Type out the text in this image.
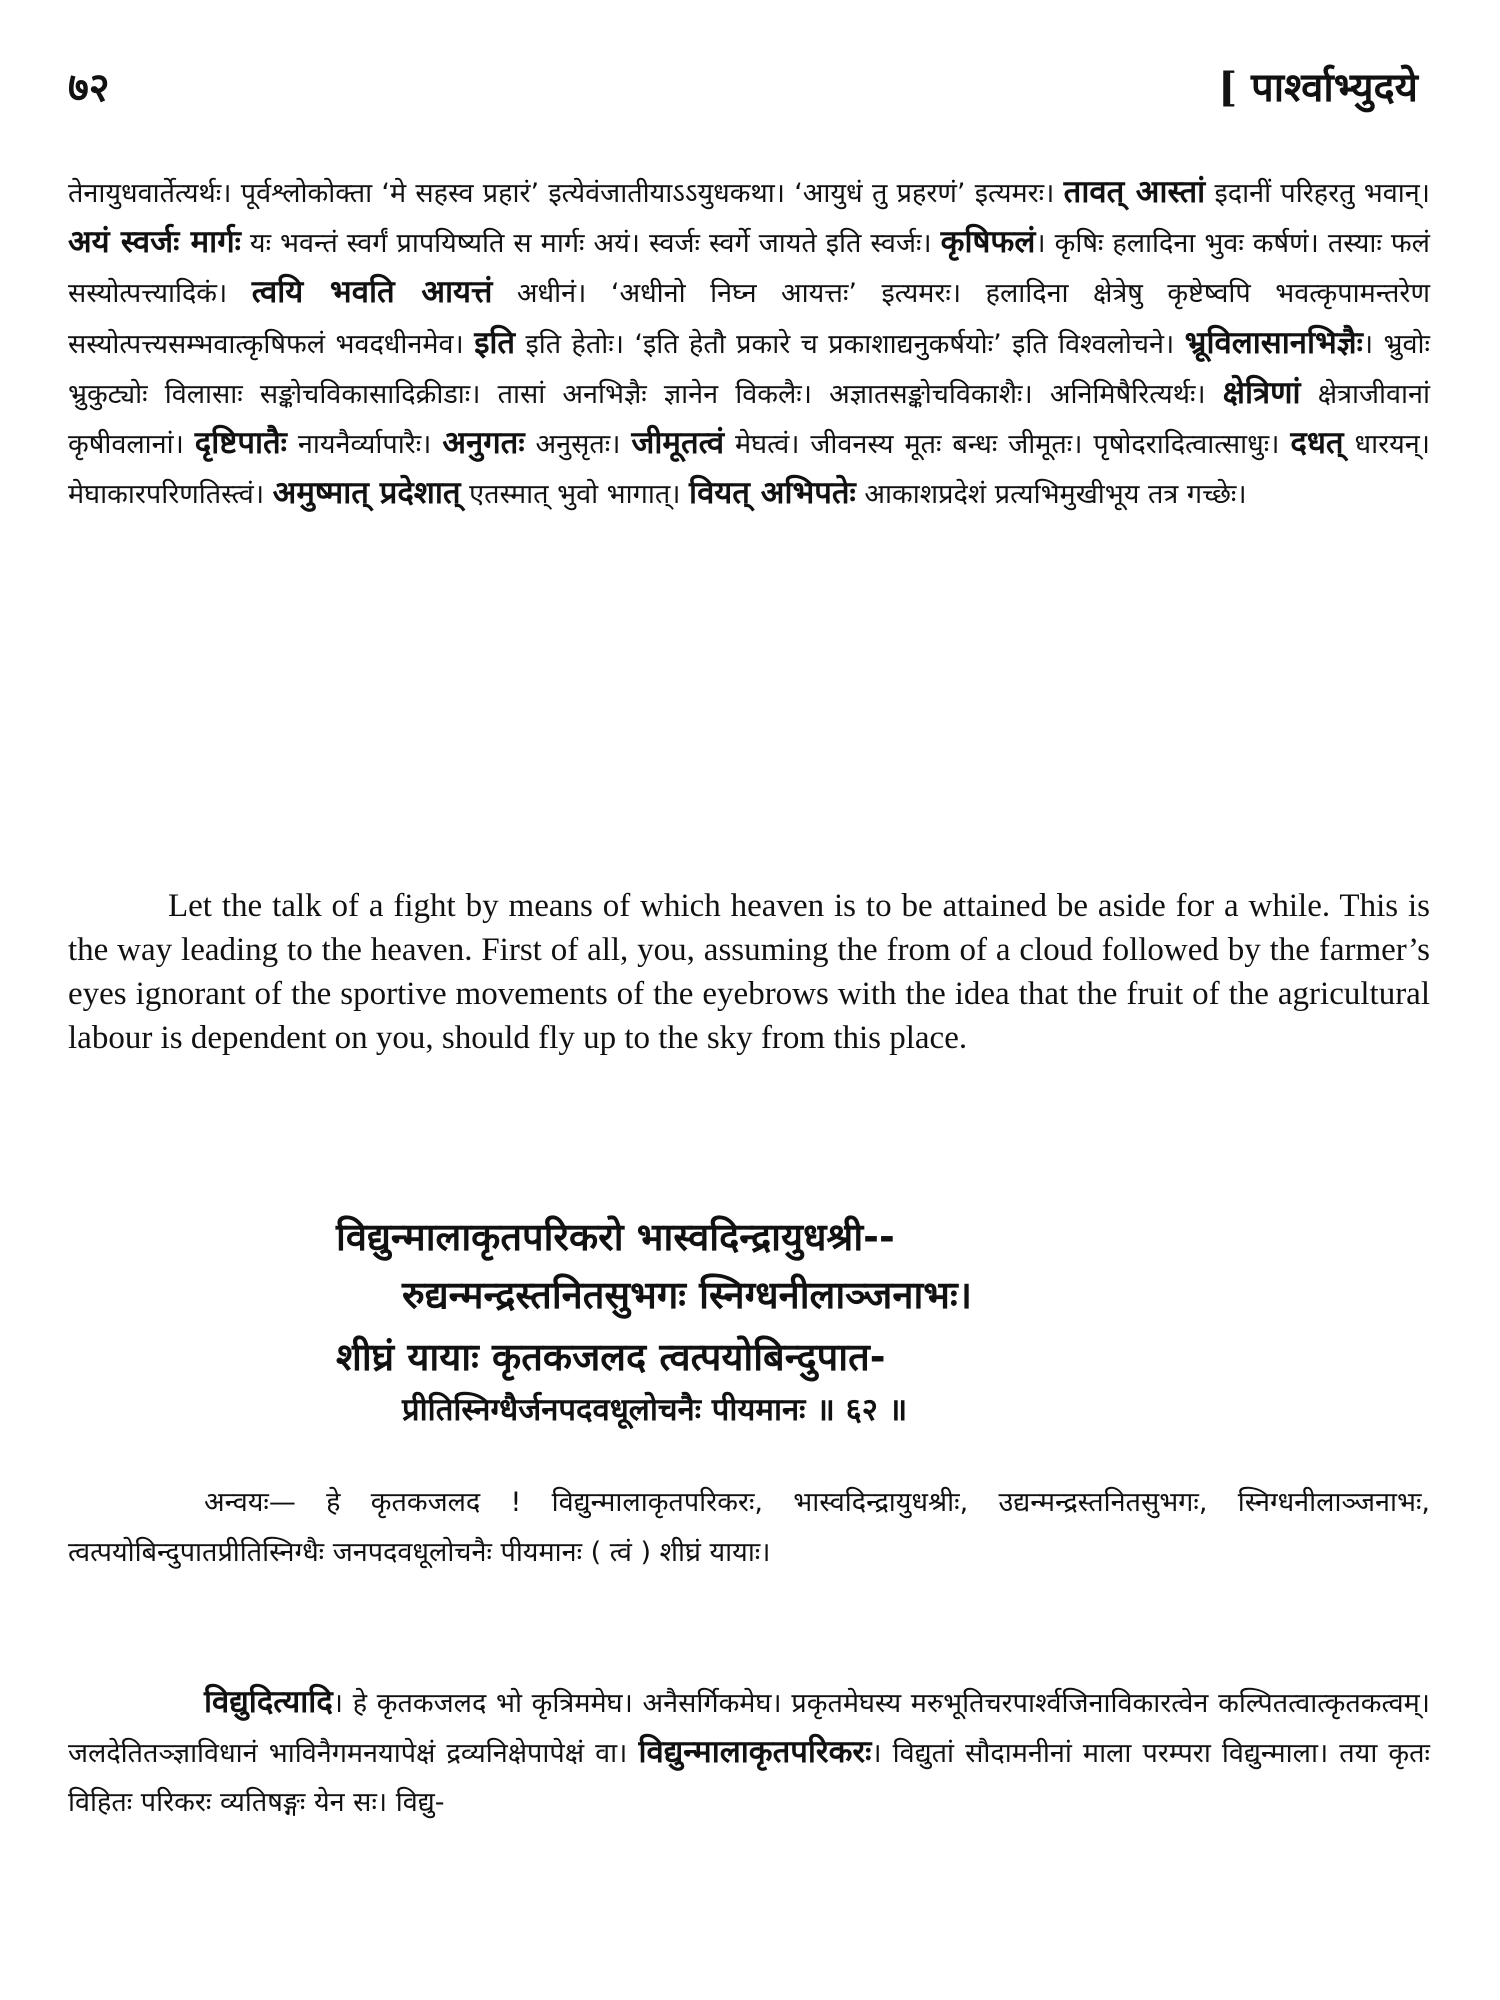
७२	[ पार्श्वाभ्युदये
तेनायुधवार्तेत्यर्थः। पूर्वश्लोकोक्ता ‘मे सहस्व प्रहारं’ इत्येवंजातीयाऽऽयुधकथा। ‘आयुधं तु प्रहरणं’ इत्यमरः। तावत् आस्तां इदानीं परिहरतु भवान्। अयं स्वर्जः मार्गः यः भवन्तं स्वर्गं प्रापयिष्यति स मार्गः अयं। स्वर्जः स्वर्गे जायते इति स्वर्जः। कृषिफलं। कृषिः हलादिना भुवः कर्षणं। तस्याः फलं सस्योत्पत्त्यादिकं। त्वयि भवति आयत्तं अधीनं। ‘अधीनो निघ्न आयत्तः’ इत्यमरः। हलादिना क्षेत्रेषु कृष्टेष्वपि भवत्कृपामन्तरेण सस्योत्पत्त्यसम्भवात्कृषिफलं भवदधीनमेव। इति इति हेतोः। ‘इति हेतौ प्रकारे च प्रकाशाद्यनुकर्षयोः’ इति विश्वलोचने। भ्रूविलासानभिज्ञैः। भ्रुवोः भ्रुकुट्योः विलासाः सङ्कोचविकासादिक्रीडाः। तासां अनभिज्ञैः ज्ञानेन विकलैः। अज्ञातसङ्कोचविकाशैः। अनिमिषैरित्यर्थः। क्षेत्रिणां क्षेत्राजीवानां कृषीवलानां। दृष्टिपातैः नायनैर्व्यापारैः। अनुगतः अनुसृतः। जीमूतत्वं मेघत्वं। जीवनस्य मूतः बन्धः जीमूतः। पृषोदरादित्वात्साधुः। दधत् धारयन्। मेघाकारपरिणतिस्त्वं। अमुष्मात् प्रदेशात् एतस्मात् भुवो भागात्। वियत् अभिपतेः आकाशप्रदेशं प्रत्यभिमुखीभूय तत्र गच्छेः।
Let the talk of a fight by means of which heaven is to be attained be aside for a while. This is the way leading to the heaven. First of all, you, assuming the from of a cloud followed by the farmer’s eyes ignorant of the sportive movements of the eyebrows with the idea that the fruit of the agricultural labour is dependent on you, should fly up to the sky from this place.
विद्युन्मालाकृतपरिकरो भास्वदिन्द्रायुधश्री--
रुद्यन्मन्द्रस्तनितसुभगः स्निग्धनीलाञ्जनाभः।
शीघ्रं यायाः कृतकजलद त्वत्पयोबिन्दुपात-
प्रीतिस्निग्धैर्जनपदवधूलोचनैः पीयमानः ॥ ६२ ॥
अन्वयः— हे कृतकजलद ! विद्युन्मालाकृतपरिकरः, भास्वदिन्द्रायुधश्रीः, उद्यन्मन्द्रस्तनितसुभगः, स्निग्धनीलाञ्जनाभः, त्वत्पयोबिन्दुपातप्रीतिस्निग्धैः जनपदवधूलोचनैः पीयमानः ( त्वं ) शीघ्रं यायाः।
विद्युदित्यादि। हे कृतकजलद भो कृत्रिममेघ। अनैसर्गिकमेघ। प्रकृतमेघस्य मरुभूतिचरपार्श्वजिनाविकारत्वेन कल्पितत्वात्कृतकत्वम्। जलदेतितञ्ज्ञाविधानं भाविनैगमनयापेक्षं द्रव्यनिक्षेपापेक्षं वा। विद्युन्मालाकृतपरिकरः। विद्युतां सौदामनीनां माला परम्परा विद्युन्माला। तया कृतः विहितः परिकरः व्यतिषङ्गः येन सः। विद्यु-
